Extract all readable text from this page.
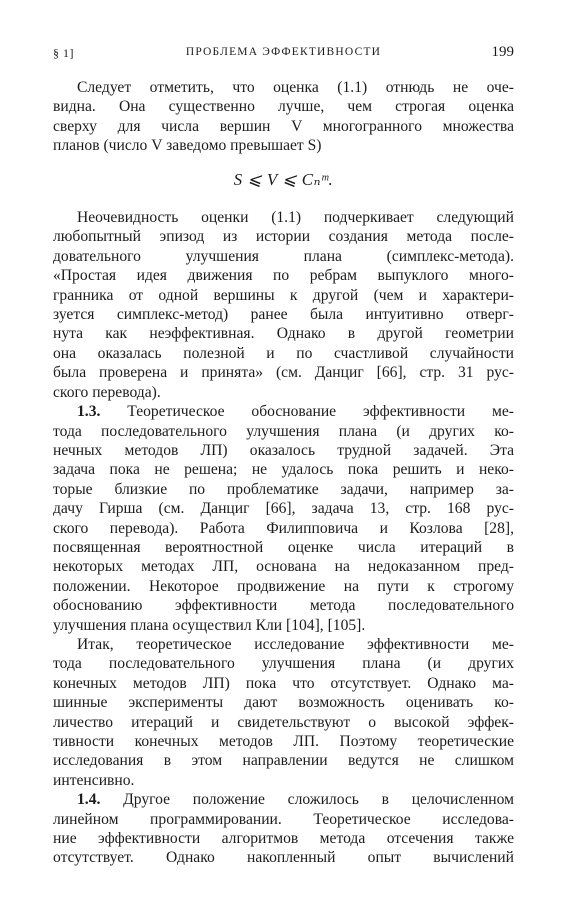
§ 1]	ПРОБЛЕМА ЭФФЕКТИВНОСТИ	199
Следует отметить, что оценка (1.1) отнюдь не оче-
видна. Она существенно лучше, чем строгая оценка
сверху для числа вершин V многогранного множества
планов (число V заведомо превышает S)
S ⩽ V ⩽ Cₙᵐ.
Неочевидность оценки (1.1) подчеркивает следующий
любопытный эпизод из истории создания метода после-
довательного улучшения плана (симплекс-метода).
«Простая идея движения по ребрам выпуклого много-
гранника от одной вершины к другой (чем и характери-
зуется симплекс-метод) ранее была интуитивно отверг-
нута как неэффективная. Однако в другой геометрии
она оказалась полезной и по счастливой случайности
была проверена и принята» (см. Данциг [66], стр. 31 рус-
ского перевода).
1.3. Теоретическое обоснование эффективности ме-
тода последовательного улучшения плана (и других ко-
нечных методов ЛП) оказалось трудной задачей. Эта
задача пока не решена; не удалось пока решить и неко-
торые близкие по проблематике задачи, например за-
дачу Гирша (см. Данциг [66], задача 13, стр. 168 рус-
ского перевода). Работа Филипповича и Козлова [28],
посвященная вероятностной оценке числа итераций в
некоторых методах ЛП, основана на недоказанном пред-
положении. Некоторое продвижение на пути к строгому
обоснованию эффективности метода последовательного
улучшения плана осуществил Кли [104], [105].
Итак, теоретическое исследование эффективности ме-
тода последовательного улучшения плана (и других
конечных методов ЛП) пока что отсутствует. Однако ма-
шинные эксперименты дают возможность оценивать ко-
личество итераций и свидетельствуют о высокой эффек-
тивности конечных методов ЛП. Поэтому теоретические
исследования в этом направлении ведутся не слишком
интенсивно.
1.4. Другое положение сложилось в целочисленном
линейном программировании. Теоретическое исследова-
ние эффективности алгоритмов метода отсечения также
отсутствует. Однако накопленный опыт вычислений
